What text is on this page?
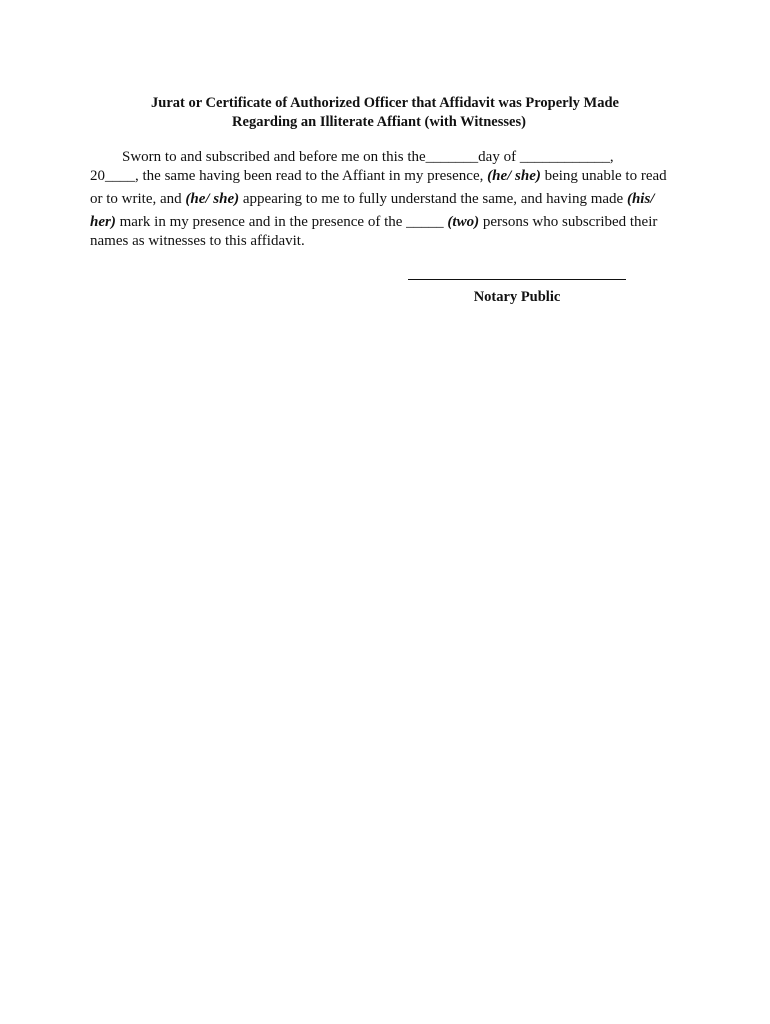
Jurat or Certificate of Authorized Officer that Affidavit was Properly Made
Regarding an Illiterate Affiant (with Witnesses)
Sworn to and subscribed and before me on this the_______day of ____________,
20____, the same having been read to the Affiant in my presence, (he/ she) being unable to read
or to write, and (he/ she) appearing to me to fully understand the same, and having made (his/
her) mark in my presence and in the presence of the _____ (two) persons who subscribed their
names as witnesses to this affidavit.
Notary Public
